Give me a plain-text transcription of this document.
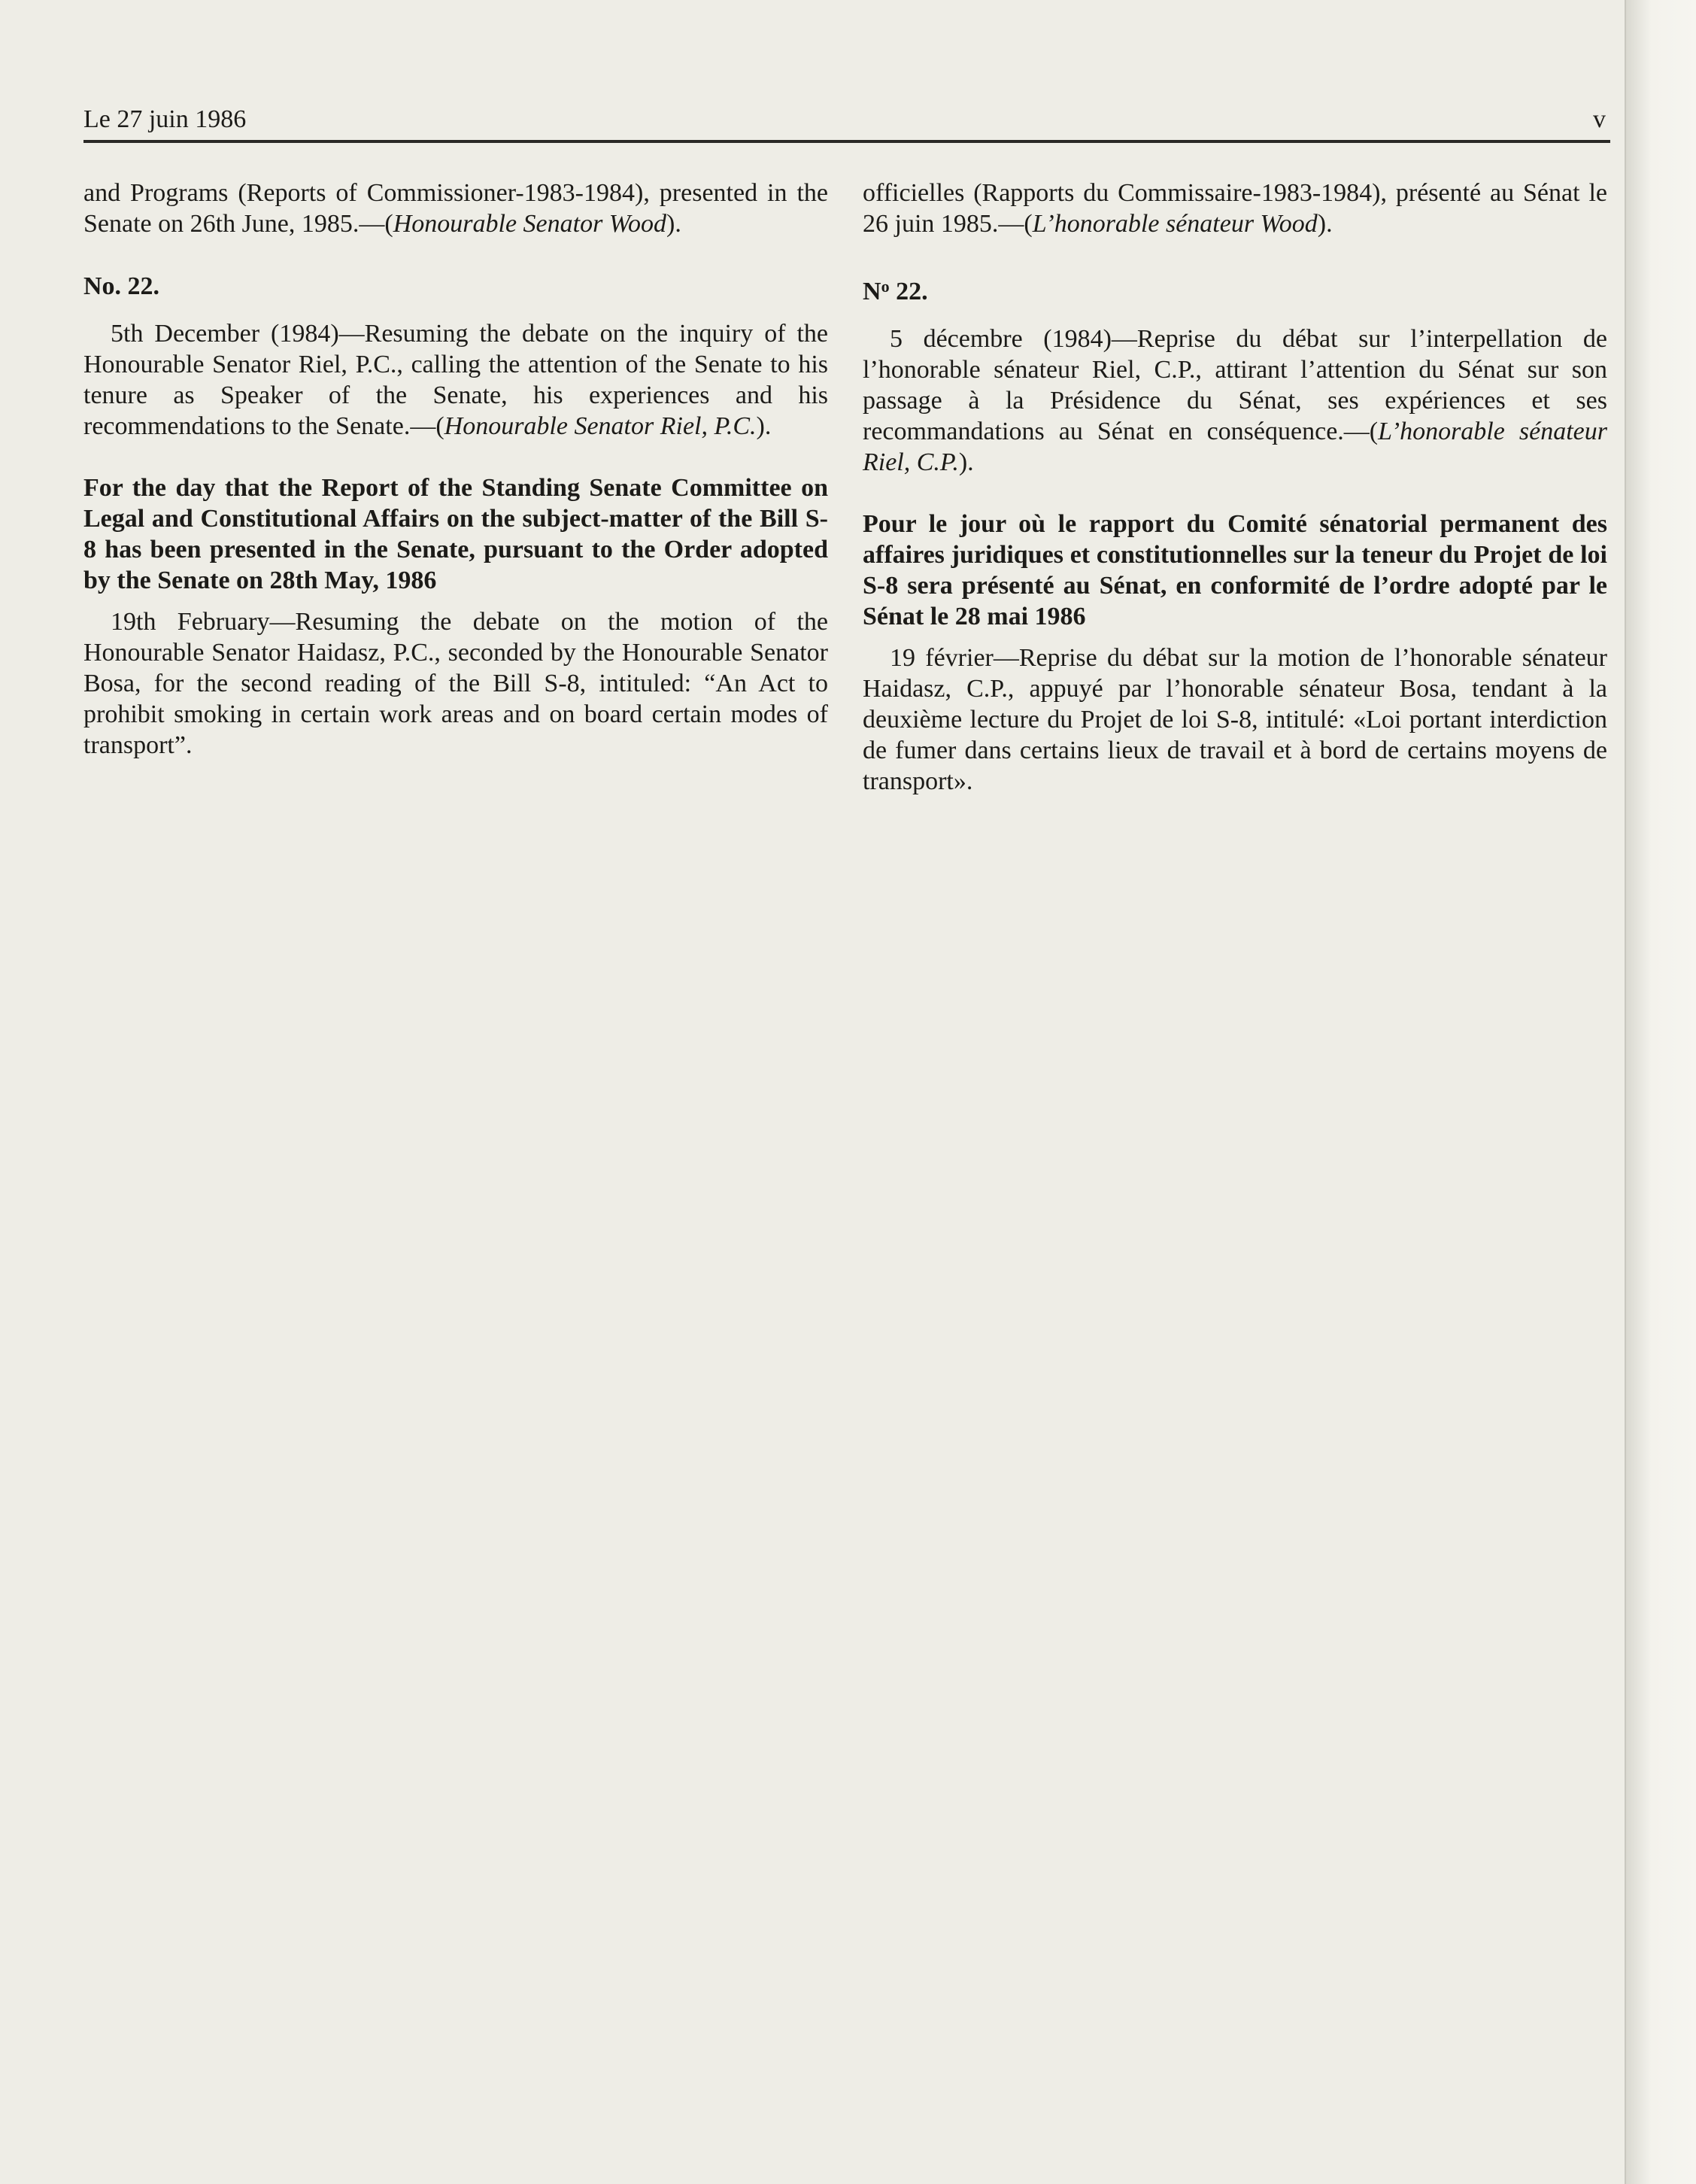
Le 27 juin 1986	v

and Programs (Reports of Commissioner-1983-1984), presented in the Senate on 26th June, 1985.—(Honourable Senator Wood).

No. 22.

5th December (1984)—Resuming the debate on the inquiry of the Honourable Senator Riel, P.C., calling the attention of the Senate to his tenure as Speaker of the Senate, his experiences and his recommendations to the Senate.—(Honourable Senator Riel, P.C.).

For the day that the Report of the Standing Senate Committee on Legal and Constitutional Affairs on the subject-matter of the Bill S-8 has been presented in the Senate, pursuant to the Order adopted by the Senate on 28th May, 1986

19th February—Resuming the debate on the motion of the Honourable Senator Haidasz, P.C., seconded by the Honourable Senator Bosa, for the second reading of the Bill S-8, intituled: “An Act to prohibit smoking in certain work areas and on board certain modes of transport”.

officielles (Rapports du Commissaire-1983-1984), présenté au Sénat le 26 juin 1985.—(L’honorable sénateur Wood).

$N^o$ 22.

5 décembre (1984)—Reprise du débat sur l’interpellation de l’honorable sénateur Riel, C.P., attirant l’attention du Sénat sur son passage à la Présidence du Sénat, ses expériences et ses recommandations au Sénat en conséquence.—(L’honorable sénateur Riel, C.P.).

Pour le jour où le rapport du Comité sénatorial permanent des affaires juridiques et constitutionnelles sur la teneur du Projet de loi S-8 sera présenté au Sénat, en conformité de l’ordre adopté par le Sénat le 28 mai 1986

19 février—Reprise du débat sur la motion de l’honorable sénateur Haidasz, C.P., appuyé par l’honorable sénateur Bosa, tendant à la deuxième lecture du Projet de loi S-8, intitulé: «Loi portant interdiction de fumer dans certains lieux de travail et à bord de certains moyens de transport».
